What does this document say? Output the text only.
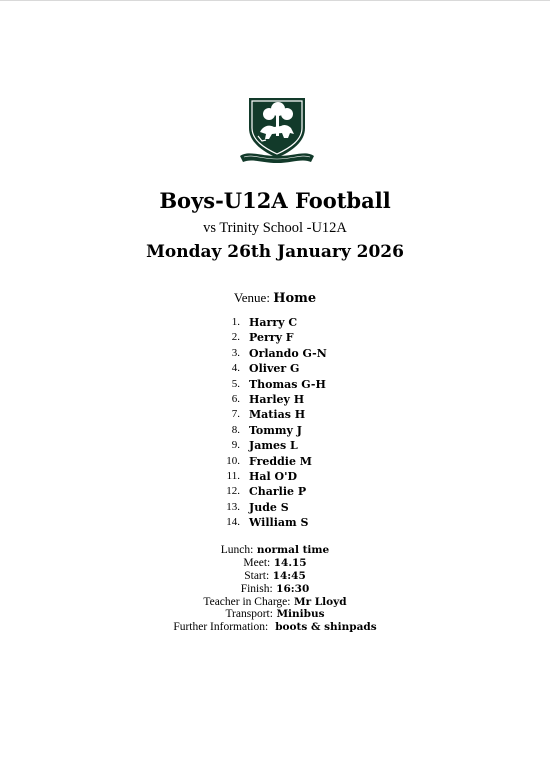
Boys-U12A Football
vs Trinity School -U12A
Monday 26th January 2026
Venue: Home
1. Harry C
2. Perry F
3. Orlando G-N
4. Oliver G
5. Thomas G-H
6. Harley H
7. Matias H
8. Tommy J
9. James L
10. Freddie M
11. Hal O'D
12. Charlie P
13. Jude S
14. William S
Lunch: normal time
Meet: 14.15
Start: 14:45
Finish: 16:30
Teacher in Charge: Mr Lloyd
Transport: Minibus
Further Information: boots & shinpads
